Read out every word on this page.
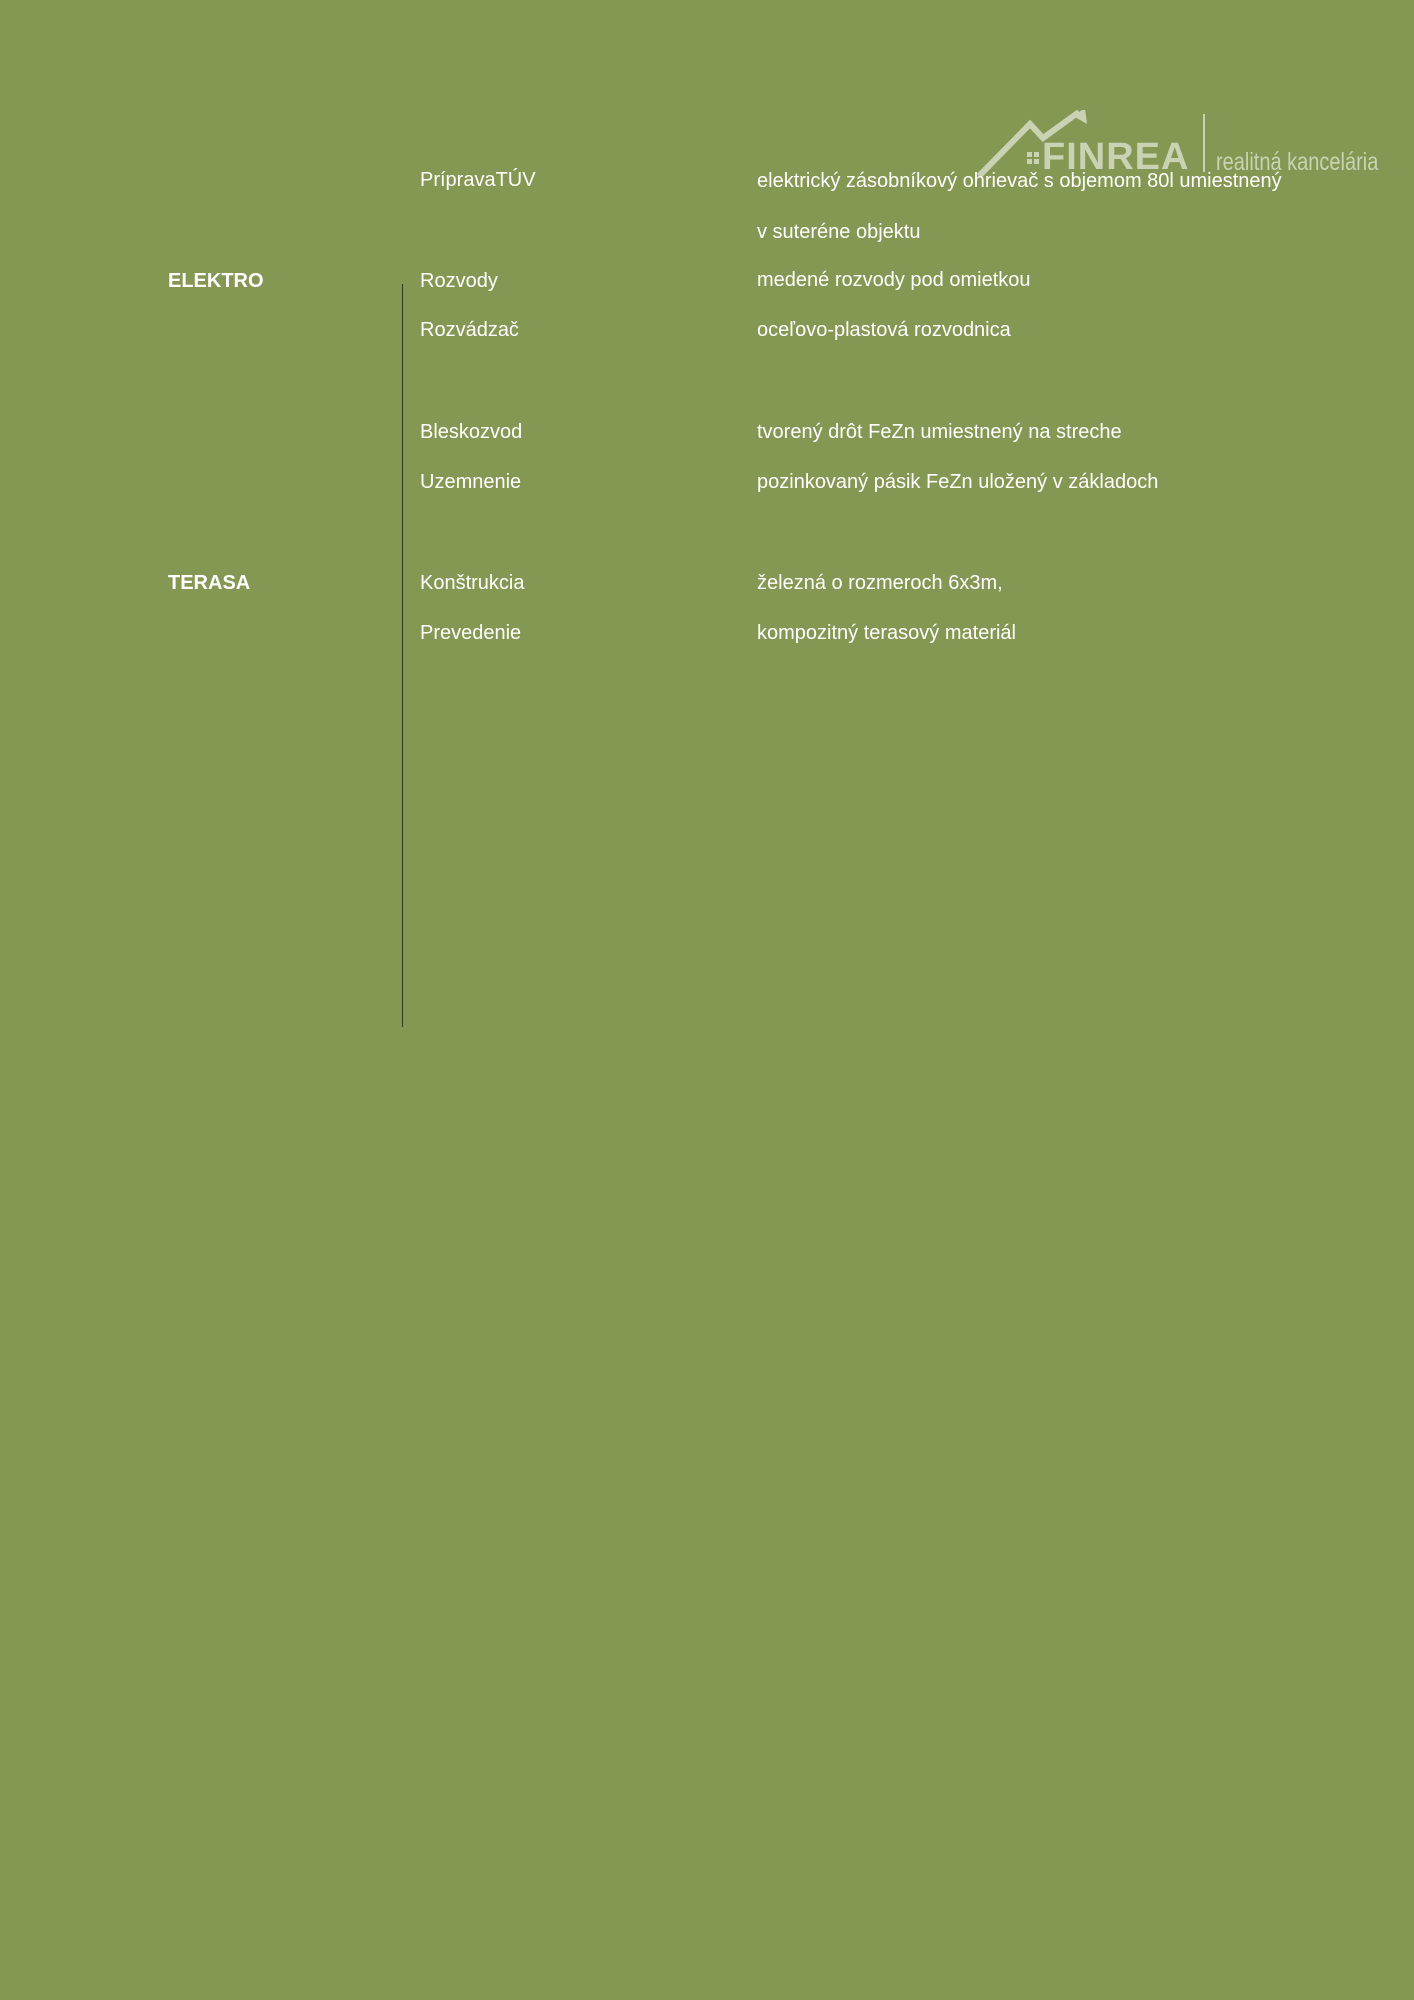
FINREA realitná kancelária
PrípravaTÚV	elektrický zásobníkový ohrievač s objemom 80l umiestnený
v suteréne objektu
ELEKTRO	Rozvody	medené rozvody pod omietkou
Rozvádzač	oceľovo-plastová rozvodnica
Bleskozvod	tvorený drôt FeZn umiestnený na streche
Uzemnenie	pozinkovaný pásik FeZn uložený v základoch
TERASA	Konštrukcia	železná o rozmeroch 6x3m,
Prevedenie	kompozitný terasový materiál
